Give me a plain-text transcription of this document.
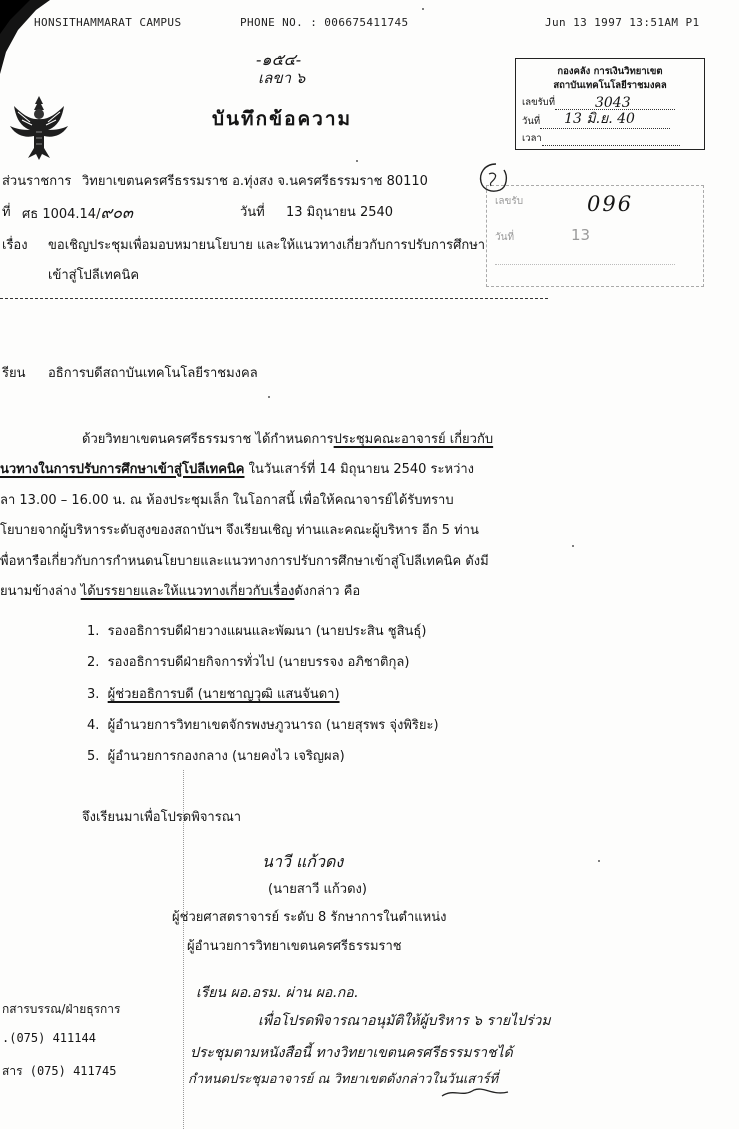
HONSITHAMMARAT CAMPUS	PHONE NO. : 006675411745	Jun 13 1997 13:51AM P1
-๑๕๔-
เลขา ๖
บันทึกข้อความ
กองคลัง การเงินวิทยาเขต
สถาบันเทคโนโลยีราชมงคล
เลขรับที่	3043
วันที่ 13 มิ.ย. 40
เวลา
เลขรับ	096
วันที่	13
ส่วนราชการ วิทยาเขตนครศรีธรรมราช อ.ทุ่งสง จ.นครศรีธรรมราช 80110
ที่ ศธ 1004.14/๙๐๓	วันที่ 13 มิถุนายน 2540
เรื่อง ขอเชิญประชุมเพื่อมอบหมายนโยบาย และให้แนวทางเกี่ยวกับการปรับการศึกษา
เข้าสู่โปลีเทคนิค
รียน อธิการบดีสถาบันเทคโนโลยีราชมงคล
ด้วยวิทยาเขตนครศรีธรรมราช ได้กำหนดการประชุมคณะอาจารย์ เกี่ยวกับ
นวทางในการปรับการศึกษาเข้าสู่โปลีเทคนิค ในวันเสาร์ที่ 14 มิถุนายน 2540 ระหว่าง
ลา 13.00 – 16.00 น. ณ ห้องประชุมเล็ก ในโอกาสนี้ เพื่อให้คณาจารย์ได้รับทราบ
โยบายจากผู้บริหารระดับสูงของสถาบันฯ จึงเรียนเชิญ ท่านและคณะผู้บริหาร อีก 5 ท่าน
พื่อหารือเกี่ยวกับการกำหนดนโยบายและแนวทางการปรับการศึกษาเข้าสู่โปลีเทคนิค ดังมี
ยนามข้างล่าง ได้บรรยายและให้แนวทางเกี่ยวกับเรื่องดังกล่าว คือ
1. รองอธิการบดีฝ่ายวางแผนและพัฒนา (นายประสิน ชูสินธุ์)
2. รองอธิการบดีฝ่ายกิจการทั่วไป (นายบรรจง อภิชาติกุล)
3. ผู้ช่วยอธิการบดี (นายชาญวุฒิ แสนจันดา)
4. ผู้อำนวยการวิทยาเขตจักรพงษภูวนารถ (นายสุรพร จุ่งพิริยะ)
5. ผู้อำนวยการกองกลาง (นายคงไว เจริญผล)
จึงเรียนมาเพื่อโปรดพิจารณา
นาวี แก้วดง
(นายสาวี แก้วดง)
ผู้ช่วยศาสตราจารย์ ระดับ 8 รักษาการในตำแหน่ง
ผู้อำนวยการวิทยาเขตนครศรีธรรมราช
กสารบรรณ/ฝ่ายธุรการ
.(075) 411144
สาร (075) 411745
เรียน ผอ.อรม. ผ่าน ผอ.กอ.
เพื่อโปรดพิจารณาอนุมัติให้ผู้บริหาร ๖ รายไปร่วม
ประชุมตามหนังสือนี้ ทางวิทยาเขตนครศรีธรรมราชได้
กำหนดประชุมอาจารย์ ณ วิทยาเขตดังกล่าวในวันเสาร์ที่
